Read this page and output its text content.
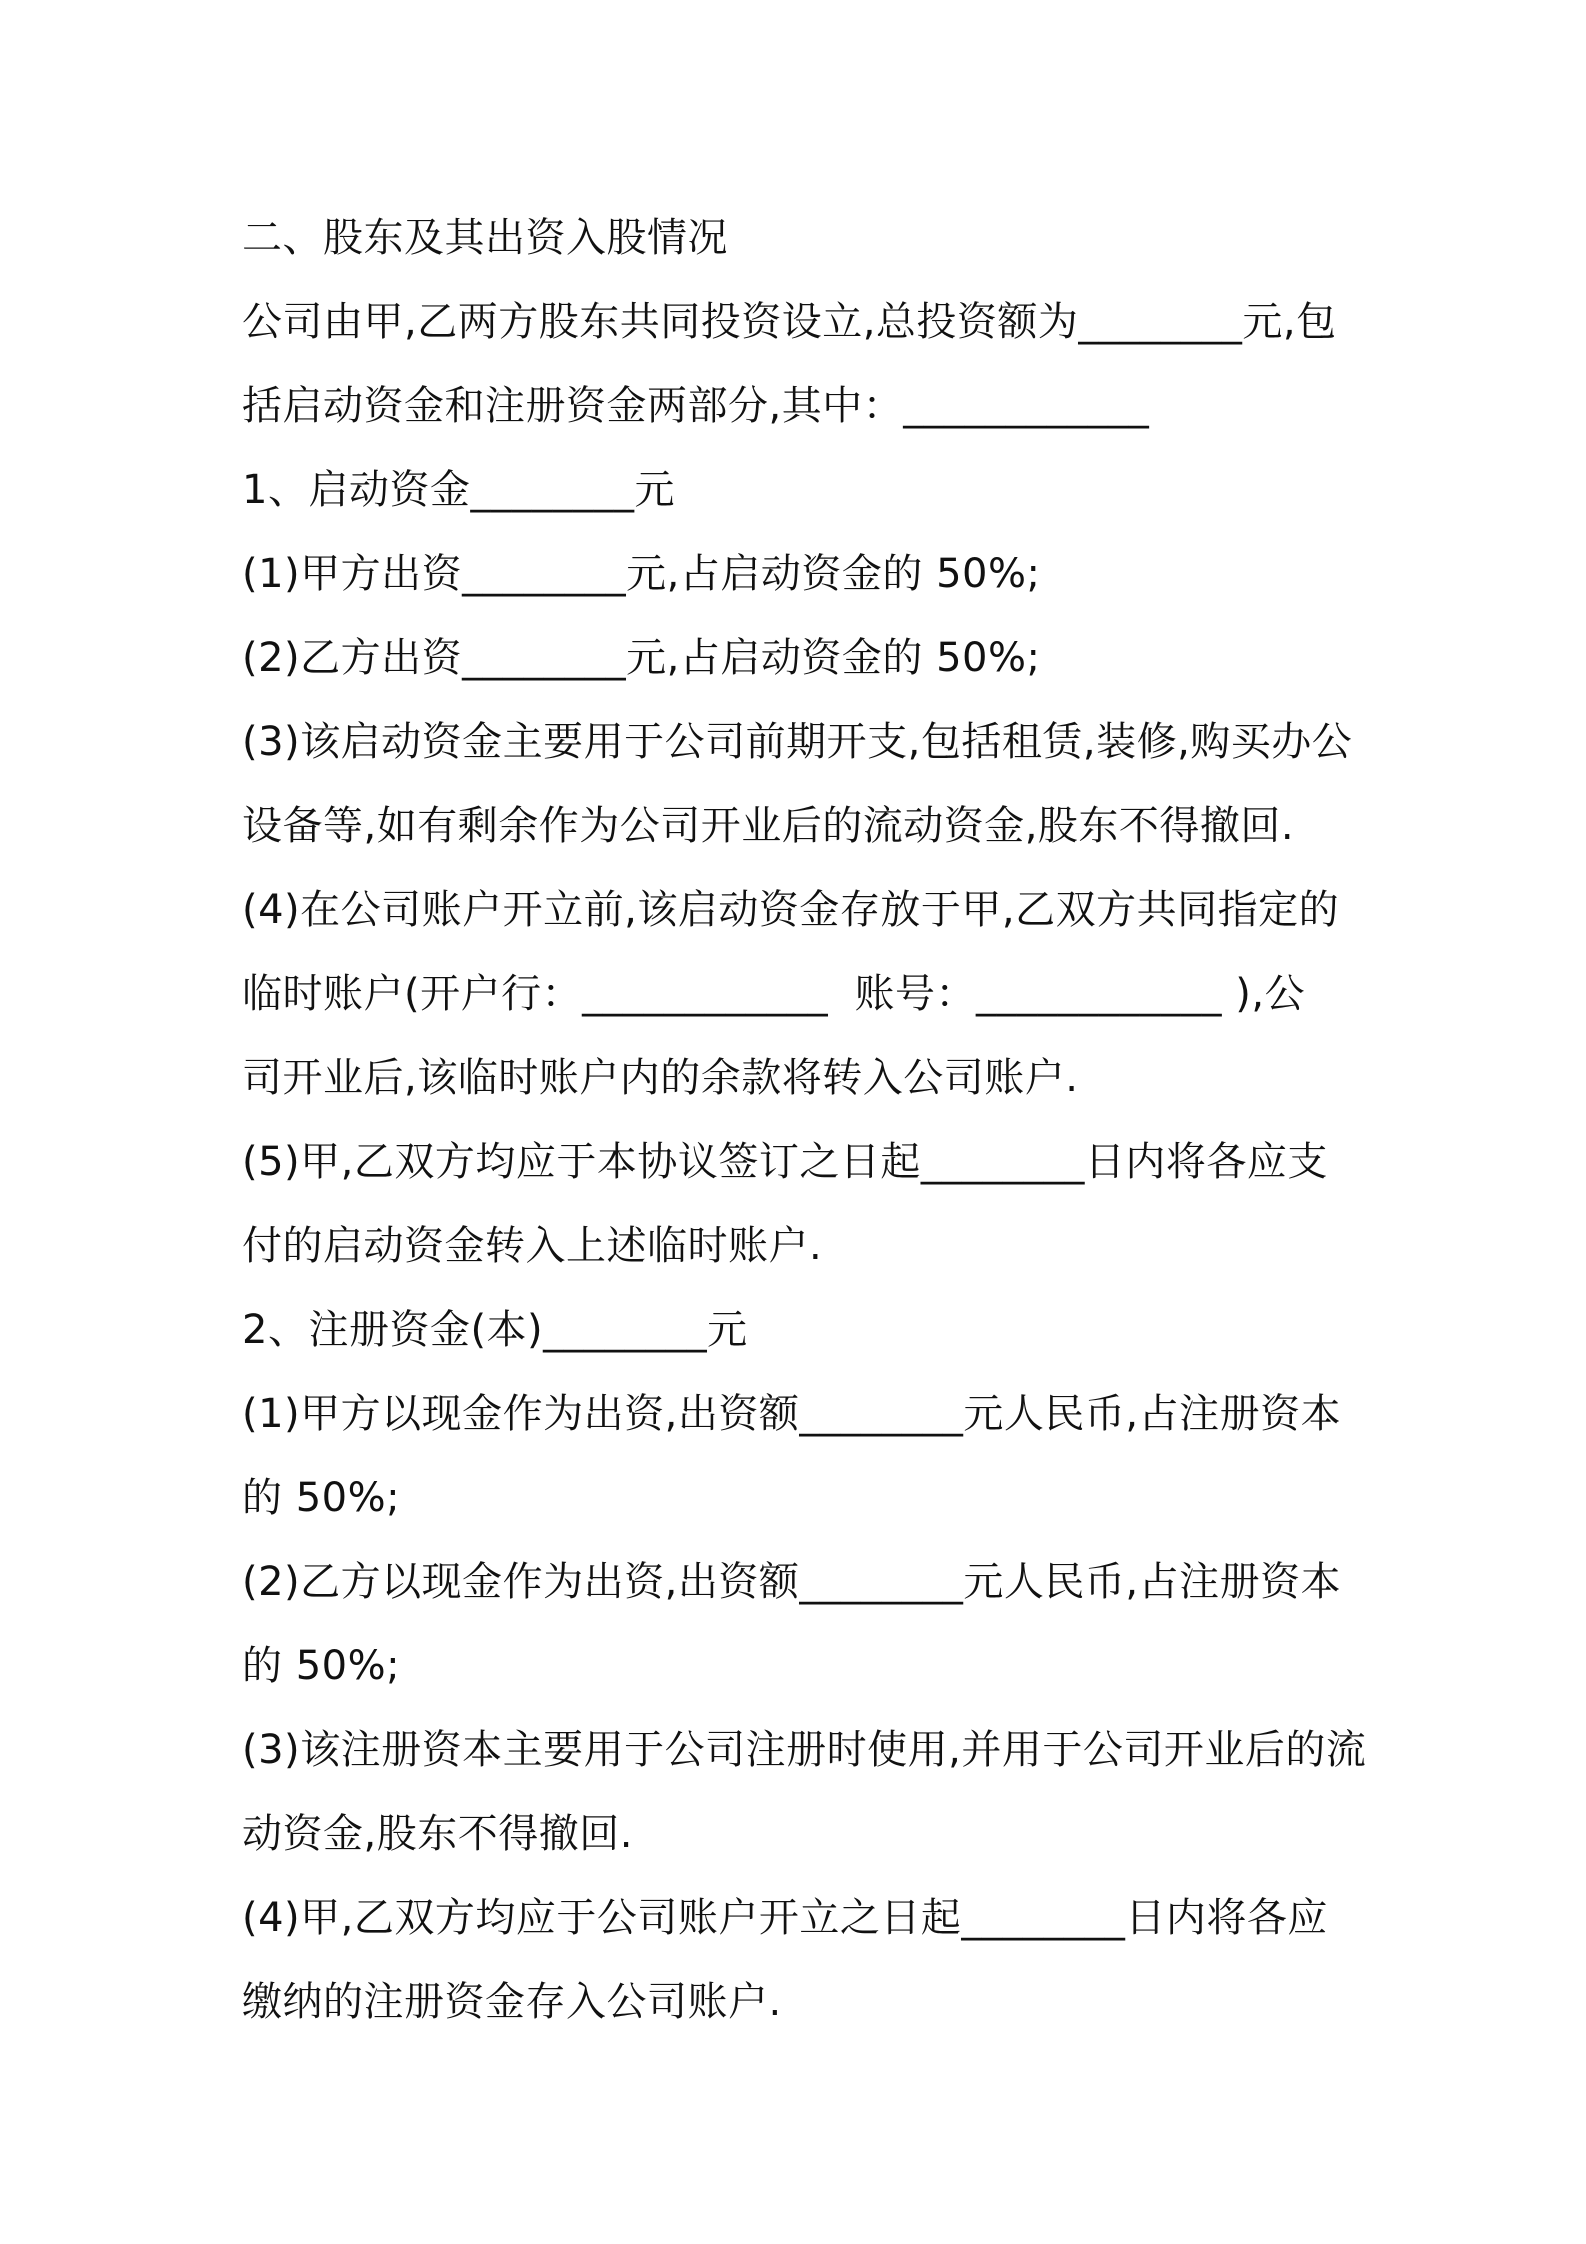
二、股东及其出资入股情况

公司由甲,乙两方股东共同投资设立,总投资额为________元,包

括启动资金和注册资金两部分,其中：____________

1、启动资金________元

(1)甲方出资________元,占启动资金的 50%;

(2)乙方出资________元,占启动资金的 50%;

(3)该启动资金主要用于公司前期开支,包括租赁,装修,购买办公

设备等,如有剩余作为公司开业后的流动资金,股东不得撤回.

(4)在公司账户开立前,该启动资金存放于甲,乙双方共同指定的

临时账户(开户行：____________  账号：____________ ),公

司开业后,该临时账户内的余款将转入公司账户.

(5)甲,乙双方均应于本协议签订之日起________日内将各应支

付的启动资金转入上述临时账户.

2、注册资金(本)________元

(1)甲方以现金作为出资,出资额________元人民币,占注册资本

的 50%;

(2)乙方以现金作为出资,出资额________元人民币,占注册资本

的 50%;

(3)该注册资本主要用于公司注册时使用,并用于公司开业后的流

动资金,股东不得撤回.

(4)甲,乙双方均应于公司账户开立之日起________日内将各应

缴纳的注册资金存入公司账户.
